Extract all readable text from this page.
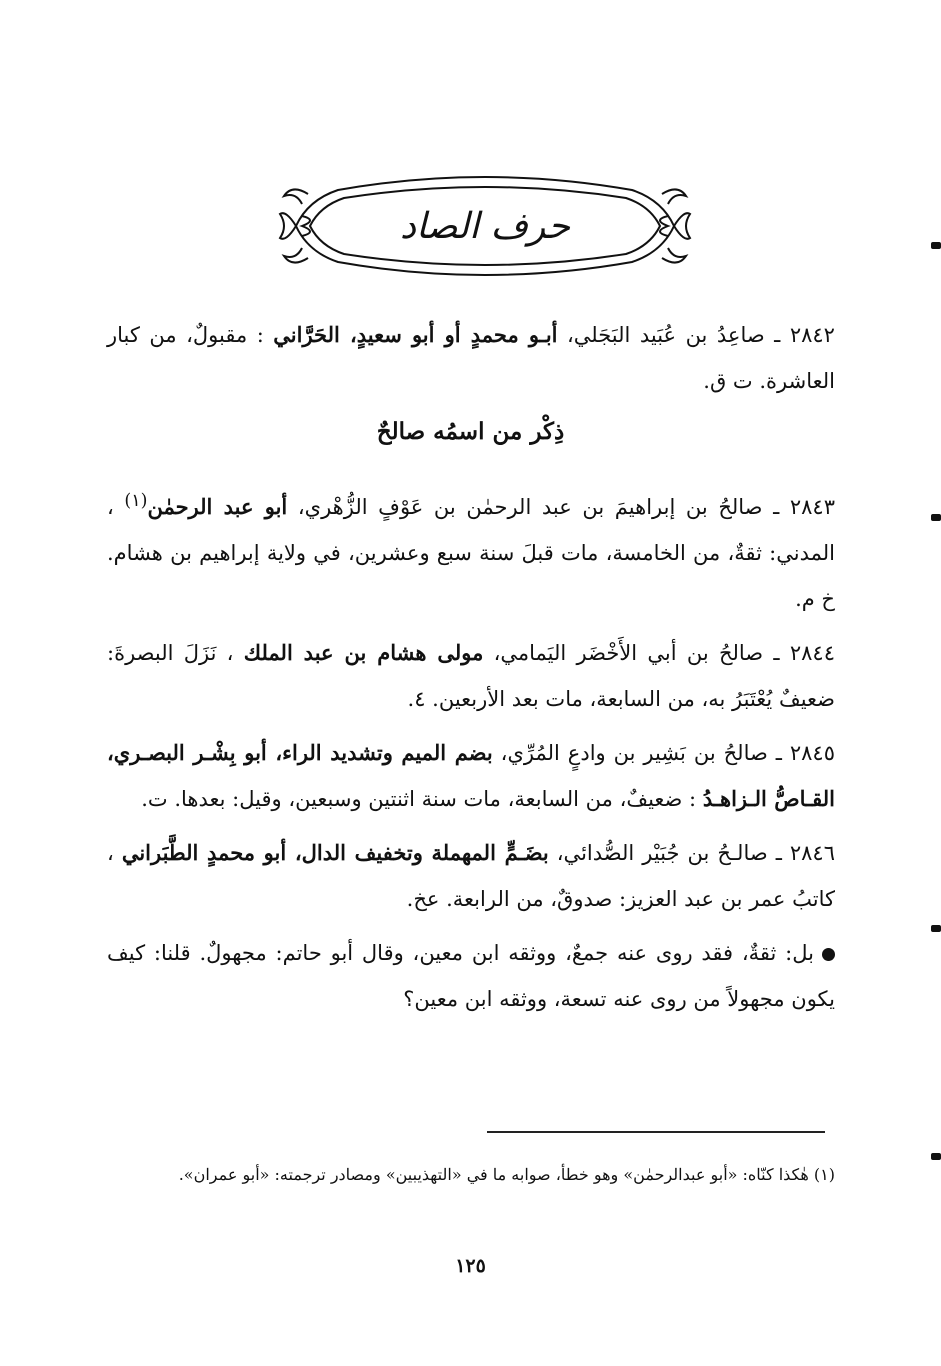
حرف الصاد

٢٨٤٢ ـ صاعِدُ بن عُبَيد البَجَلي، أبـو محمدٍ أو أبو سعيدٍ، الحَرَّاني : مقبولٌ، من كبار العاشرة. ت ق.

ذِكْر من اسمُه صالحٌ

٢٨٤٣ ـ صالحُ بن إبراهيمَ بن عبد الرحمٰن بن عَوْفٍ الزُّهْري، أبو عبد الرحمٰن$^{(١)}$ ، المدني: ثقةٌ، من الخامسة، مات قبلَ سنة سبع وعشرين، في ولاية إبراهيم بن هشام. خ م.

٢٨٤٤ ـ صالحُ بن أبي الأَخْضَر اليَمامي، مولى هشام بن عبد الملك ، نَزَلَ البصرةَ: ضعيفٌ يُعْتَبَرُ به، من السابعة، مات بعد الأربعين. ٤.

٢٨٤٥ ـ صالحُ بن بَشِير بن وادعٍ المُرِّي، بضم الميم وتشديد الراء، أبو بِشْـر البصـري، القـاصُّ الـزاهـدُ : ضعيفٌ، من السابعة، مات سنة اثنتين وسبعين، وقيل: بعدها. ت.

٢٨٤٦ ـ صالـحُ بن جُبَيْر الصُّدائي، بضَـمٍّ المهملة وتخفيف الدال، أبو محمدٍ الطَّبَراني ، كاتبُ عمر بن عبد العزيز: صدوقٌ، من الرابعة. عخ.

بل: ثقةٌ، فقد روى عنه جمعٌ، ووثقه ابن معين، وقال أبو حاتم: مجهولٌ. قلنا: كيف يكون مجهولاً من روى عنه تسعة، ووثقه ابن معين؟

(١) هٰكذا كنّاه: «أبو عبدالرحمٰن» وهو خطأ، صوابه ما في «التهذيبين» ومصادر ترجمته: «أبو عمران».
١٢٥
